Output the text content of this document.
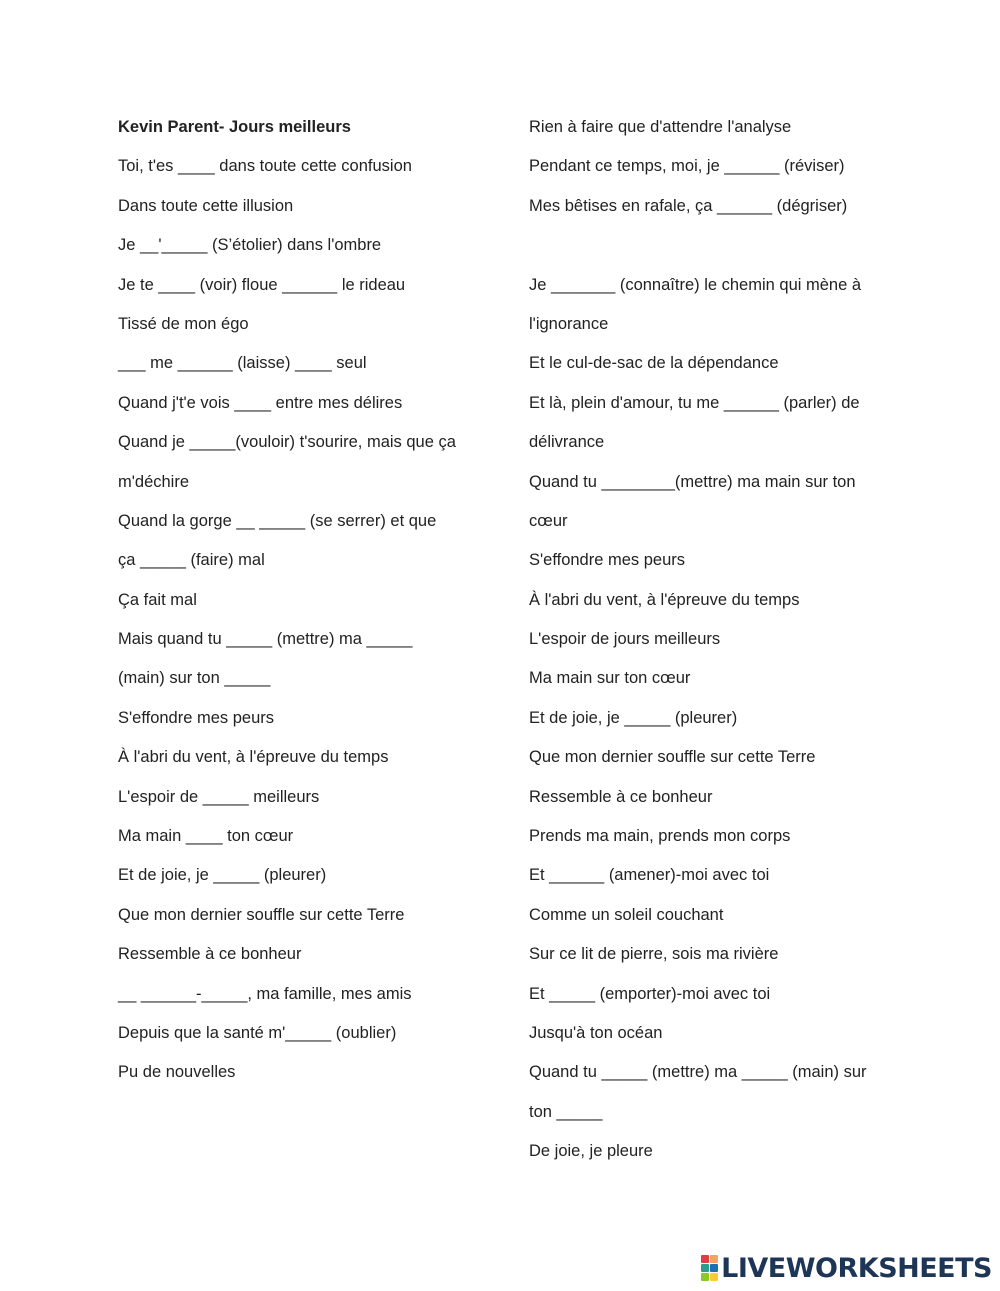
Kevin Parent- Jours meilleurs
Toi, t'es ____ dans toute cette confusion
Dans toute cette illusion
Je __'_____ (S’étolier) dans l'ombre
Je te ____ (voir) floue ______ le rideau
Tissé de mon égo
___ me ______ (laisse) ____ seul
Quand j't'e vois ____ entre mes délires
Quand je _____(vouloir) t'sourire, mais que ça
m'déchire
Quand la gorge __ _____ (se serrer) et que
ça _____ (faire) mal
Ça fait mal
Mais quand tu _____ (mettre) ma _____
(main) sur ton _____
S'effondre mes peurs
À l'abri du vent, à l'épreuve du temps
L'espoir de _____ meilleurs
Ma main ____ ton cœur
Et de joie, je _____ (pleurer)
Que mon dernier souffle sur cette Terre
Ressemble à ce bonheur
__ ______-_____, ma famille, mes amis
Depuis que la santé m'_____ (oublier)
Pu de nouvelles
Rien à faire que d'attendre l'analyse
Pendant ce temps, moi, je ______ (réviser)
Mes bêtises en rafale, ça ______ (dégriser)
Je _______ (connaître) le chemin qui mène à
l'ignorance
Et le cul-de-sac de la dépendance
Et là, plein d'amour, tu me ______ (parler) de
délivrance
Quand tu ________(mettre) ma main sur ton
cœur
S'effondre mes peurs
À l'abri du vent, à l'épreuve du temps
L'espoir de jours meilleurs
Ma main sur ton cœur
Et de joie, je _____ (pleurer)
Que mon dernier souffle sur cette Terre
Ressemble à ce bonheur
Prends ma main, prends mon corps
Et ______ (amener)-moi avec toi
Comme un soleil couchant
Sur ce lit de pierre, sois ma rivière
Et _____ (emporter)-moi avec toi
Jusqu'à ton océan
Quand tu _____ (mettre) ma _____ (main) sur
ton _____
De joie, je pleure
LIVEWORKSHEETS
